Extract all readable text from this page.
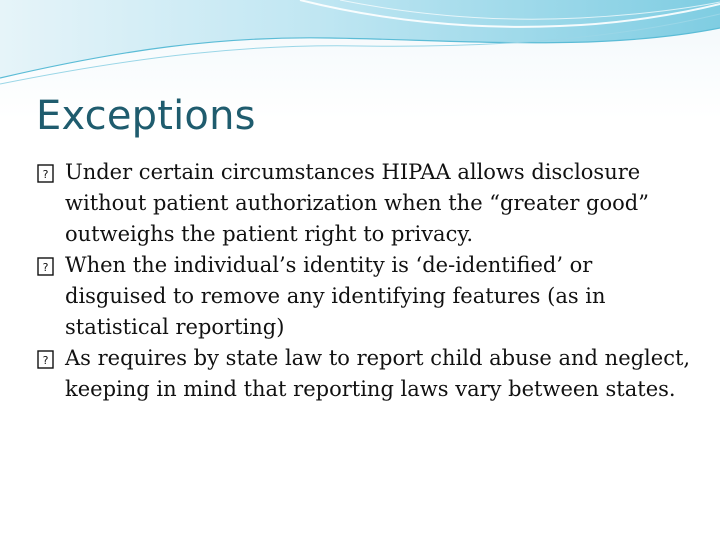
Exceptions
? Under certain circumstances HIPAA allows disclosure without patient authorization when the “greater good” outweighs the patient right to privacy.
? When the individual’s identity is ‘de-identified’ or disguised to remove any identifying features (as in statistical reporting)
? As requires by state law to report child abuse and neglect, keeping in mind that reporting laws vary between states.
